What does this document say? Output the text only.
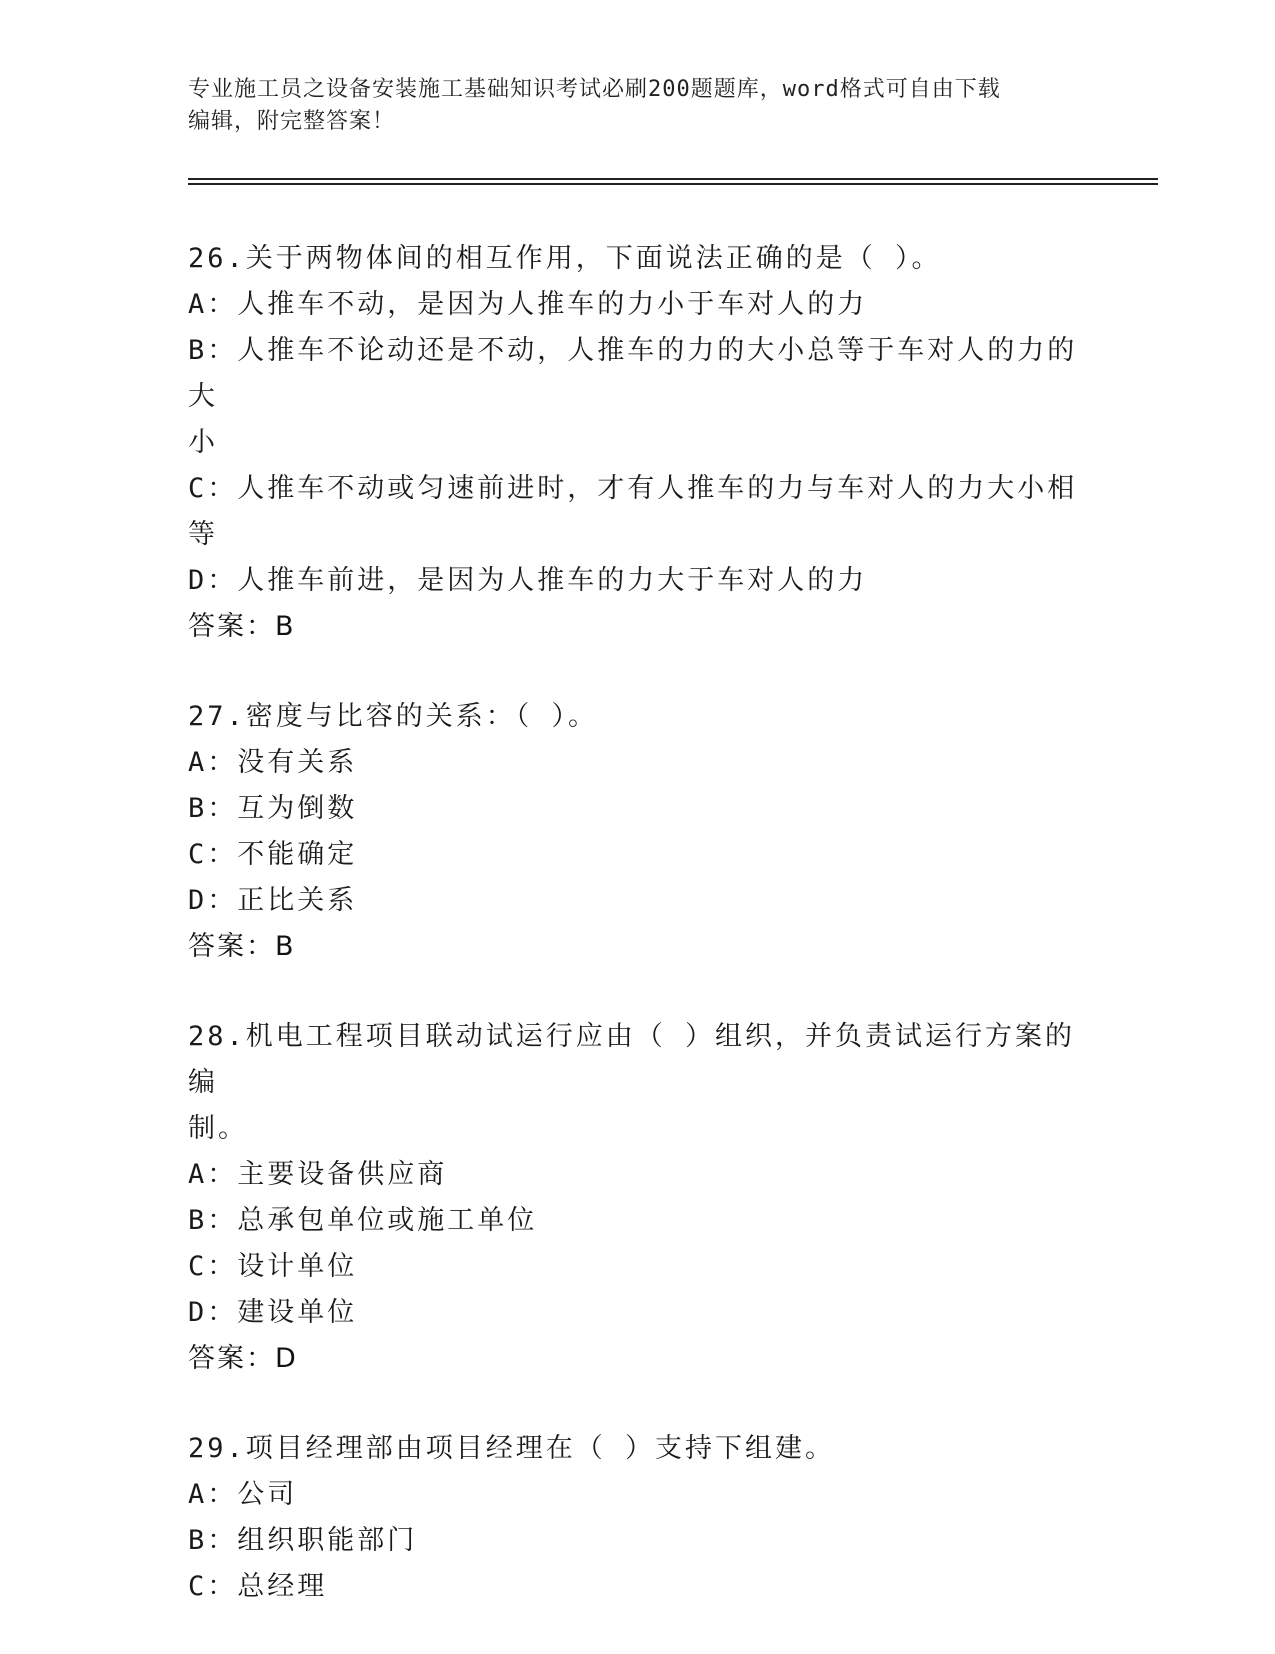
专业施工员之设备安装施工基础知识考试必刷200题题库，word格式可自由下载
编辑，附完整答案！
26.关于两物体间的相互作用，下面说法正确的是（ ）。
A：人推车不动，是因为人推车的力小于车对人的力
B：人推车不论动还是不动，人推车的力的大小总等于车对人的力的大
小
C：人推车不动或匀速前进时，才有人推车的力与车对人的力大小相等
D：人推车前进，是因为人推车的力大于车对人的力
答案：B
27.密度与比容的关系：（ ）。
A：没有关系
B：互为倒数
C：不能确定
D：正比关系
答案：B
28.机电工程项目联动试运行应由（ ）组织，并负责试运行方案的编
制。
A：主要设备供应商
B：总承包单位或施工单位
C：设计单位
D：建设单位
答案：D
29.项目经理部由项目经理在（ ）支持下组建。
A：公司
B：组织职能部门
C：总经理
